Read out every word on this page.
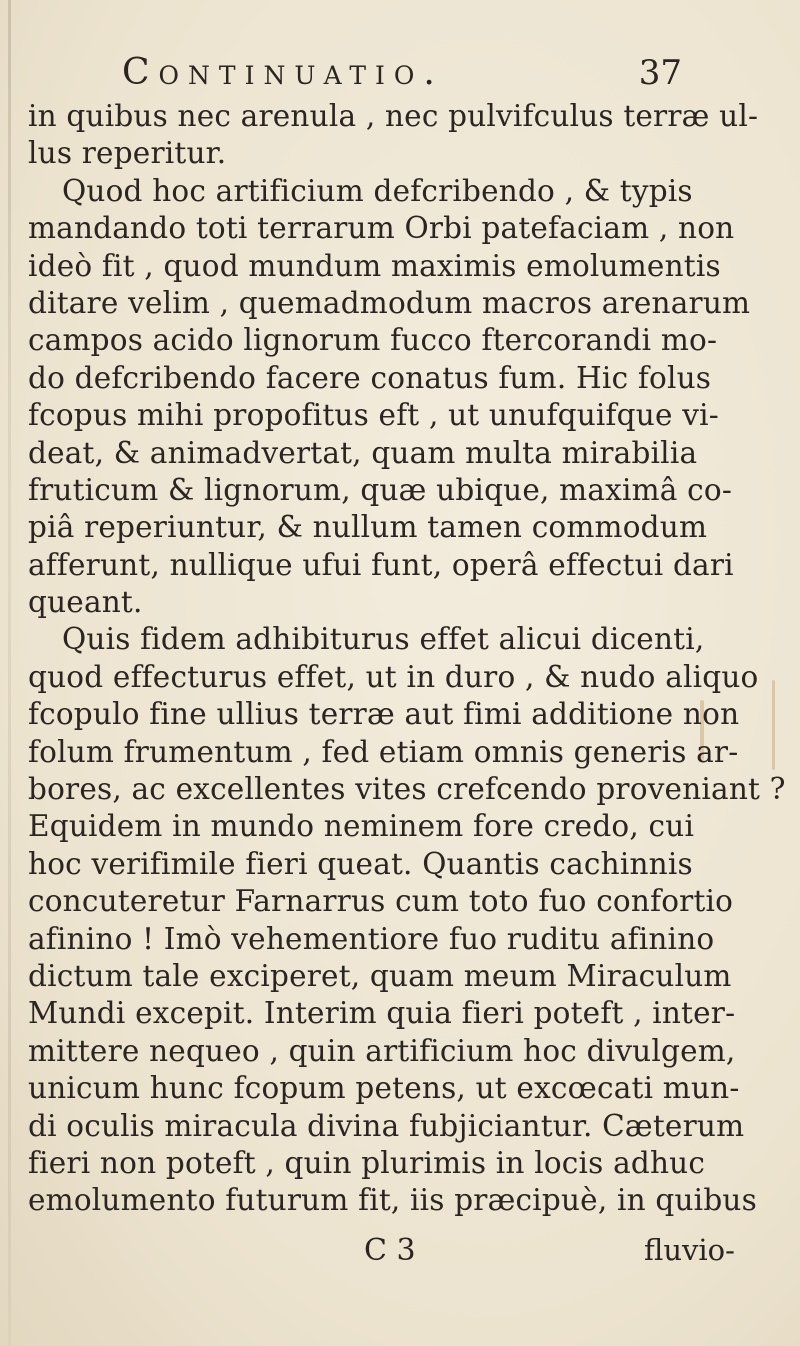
Continuatio.	37
in quibus nec arenula , nec pulvifculus terræ ul-
lus reperitur.
Quod hoc artificium defcribendo , & typis
mandando toti terrarum Orbi patefaciam , non
ideò fit , quod mundum maximis emolumentis
ditare velim , quemadmodum macros arenarum
campos acido lignorum fucco ftercorandi mo-
do defcribendo facere conatus fum. Hic folus
fcopus mihi propofitus eft , ut unufquifque vi-
deat, & animadvertat, quam multa mirabilia
fruticum & lignorum, quæ ubique, maximâ co-
piâ reperiuntur, & nullum tamen commodum
afferunt, nullique ufui funt, operâ effectui dari
queant.
Quis fidem adhibiturus effet alicui dicenti,
quod effecturus effet, ut in duro , & nudo aliquo
fcopulo fine ullius terræ aut fimi additione non
folum frumentum , fed etiam omnis generis ar-
bores, ac excellentes vites crefcendo proveniant ?
Equidem in mundo neminem fore credo, cui
hoc verifimile fieri queat. Quantis cachinnis
concuteretur Farnarrus cum toto fuo confortio
afinino ! Imò vehementiore fuo ruditu afinino
dictum tale exciperet, quam meum Miraculum
Mundi excepit. Interim quia fieri poteft , inter-
mittere nequeo , quin artificium hoc divulgem,
unicum hunc fcopum petens, ut excœcati mun-
di oculis miracula divina fubjiciantur. Cæterum
fieri non poteft , quin plurimis in locis adhuc
emolumento futurum fit, iis præcipuè, in quibus
C 3	fluvio-
